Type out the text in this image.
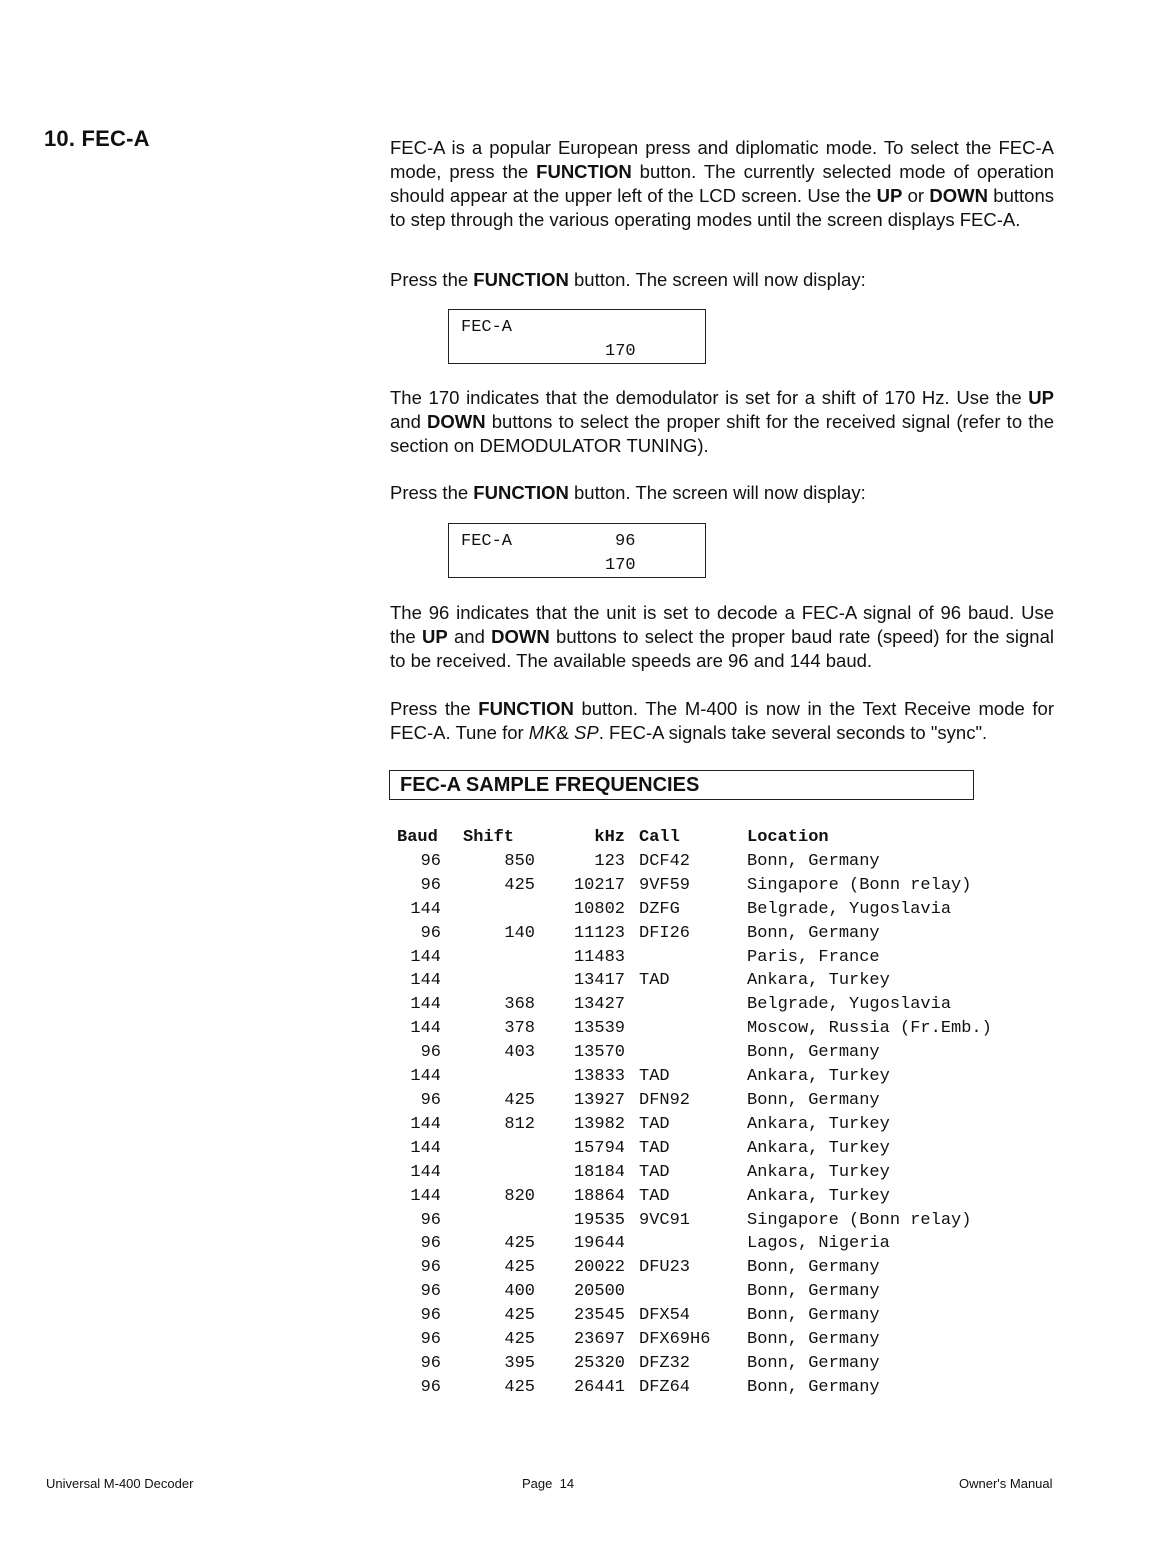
10. FEC-A	FEC-A is a popular European press and diplomatic mode. To select the FEC-A mode, press the FUNCTION button. The currently selected mode of operation should appear at the upper left of the LCD screen. Use the UP or DOWN buttons to step through the various operating modes until the screen displays FEC-A.

Press the FUNCTION button. The screen will now display:

FEC-A
170

The 170 indicates that the demodulator is set for a shift of 170 Hz. Use the UP and DOWN buttons to select the proper shift for the received signal (refer to the section on DEMODULATOR TUNING).

Press the FUNCTION button. The screen will now display:

FEC-A	96
170

The 96 indicates that the unit is set to decode a FEC-A signal of 96 baud. Use the UP and DOWN buttons to select the proper baud rate (speed) for the signal to be received. The available speeds are 96 and 144 baud.

Press the FUNCTION button. The M-400 is now in the Text Receive mode for FEC-A. Tune for MK& SP. FEC-A signals take several seconds to "sync".

FEC-A SAMPLE FREQUENCIES
Baud	Shift	kHz	Call	Location
96	850	123	DCF42	Bonn, Germany
96	425	10217	9VF59	Singapore (Bonn relay)
144		10802	DZFG	Belgrade, Yugoslavia
96	140	11123	DFI26	Bonn, Germany
144		11483		Paris, France
144		13417	TAD	Ankara, Turkey
144	368	13427		Belgrade, Yugoslavia
144	378	13539		Moscow, Russia (Fr.Emb.)
96	403	13570		Bonn, Germany
144		13833	TAD	Ankara, Turkey
96	425	13927	DFN92	Bonn, Germany
144	812	13982	TAD	Ankara, Turkey
144		15794	TAD	Ankara, Turkey
144		18184	TAD	Ankara, Turkey
144	820	18864	TAD	Ankara, Turkey
96		19535	9VC91	Singapore (Bonn relay)
96	425	19644		Lagos, Nigeria
96	425	20022	DFU23	Bonn, Germany
96	400	20500		Bonn, Germany
96	425	23545	DFX54	Bonn, Germany
96	425	23697	DFX69H6	Bonn, Germany
96	395	25320	DFZ32	Bonn, Germany
96	425	26441	DFZ64	Bonn, Germany
Universal M-400 Decoder	Page  14	Owner's Manual
